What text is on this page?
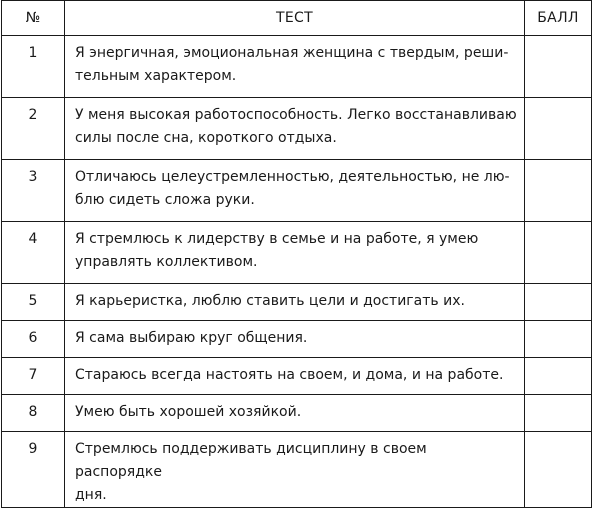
№	ТЕСТ	БАЛЛ
1	Я энергичная, эмоциональная женщина с твердым, реши-
тельным характером.	
2	У меня высокая работоспособность. Легко восстанавливаю
силы после сна, короткого отдыха.	
3	Отличаюсь целеустремленностью, деятельностью, не лю-
блю сидеть сложа руки.	
4	Я стремлюсь к лидерству в семье и на работе, я умею
управлять коллективом.	
5	Я карьеристка, люблю ставить цели и достигать их.	
6	Я сама выбираю круг общения.	
7	Стараюсь всегда настоять на своем, и дома, и на работе.	
8	Умею быть хорошей хозяйкой.	
9	Стремлюсь поддерживать дисциплину в своем распорядке
дня.	
